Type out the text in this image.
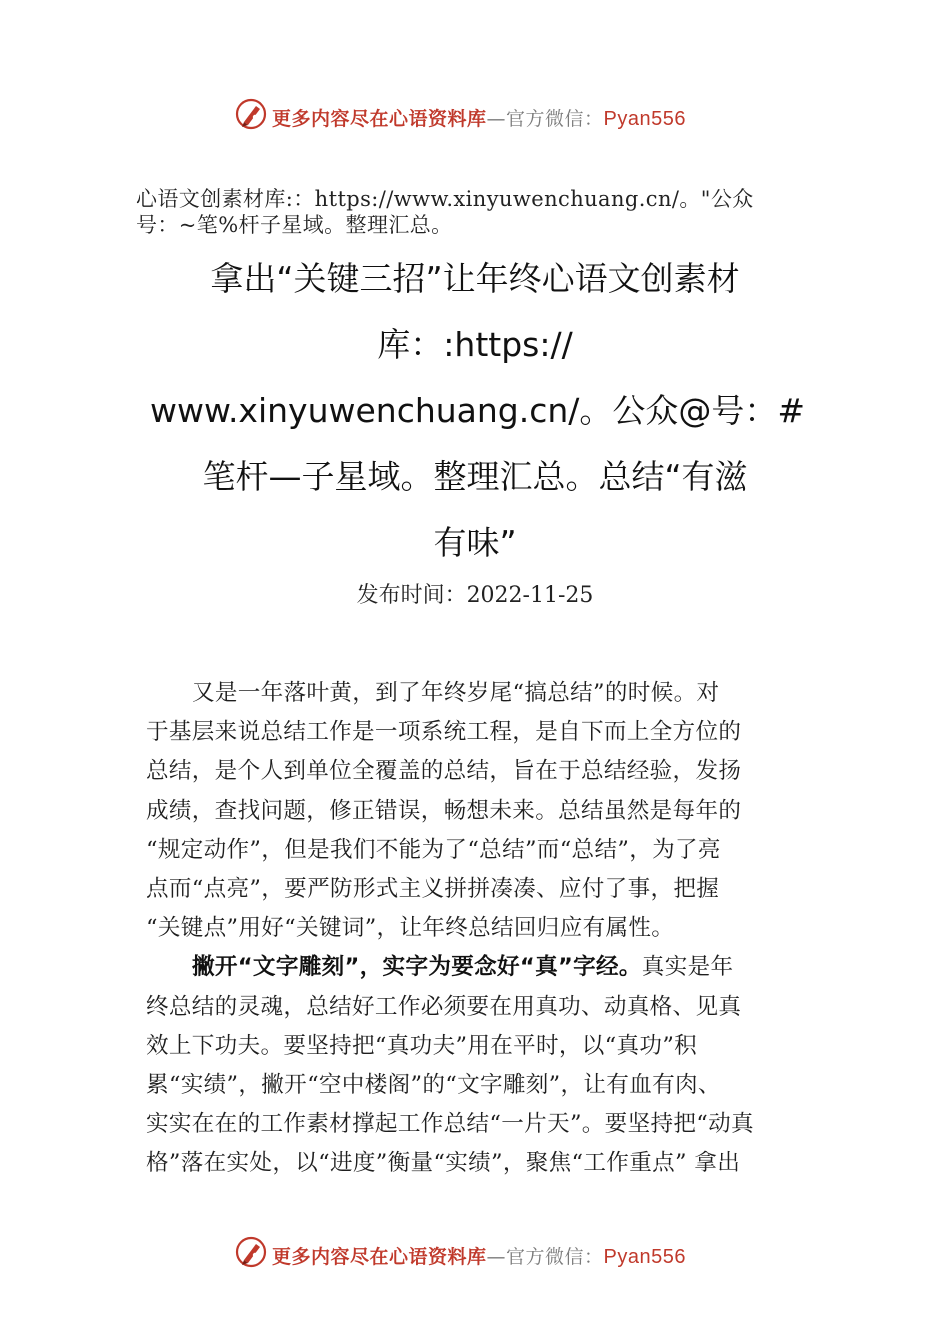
更多内容尽在心语资料库—官方微信：Pyan556
心语文创素材库:：https://www.xinyuwenchuang.cn/。"公众
号：~笔%杆子星域。整理汇总。
拿出“关键三招”让年终心语文创素材
库：:https://
www.xinyuwenchuang.cn/。公众@号：#
笔杆—子星域。整理汇总。总结“有滋
有味”
发布时间：2022-11-25
又是一年落叶黄，到了年终岁尾“搞总结”的时候。对
于基层来说总结工作是一项系统工程，是自下而上全方位的
总结，是个人到单位全覆盖的总结，旨在于总结经验，发扬
成绩，查找问题，修正错误，畅想未来。总结虽然是每年的
“规定动作”，但是我们不能为了“总结”而“总结”，为了亮
点而“点亮”，要严防形式主义拼拼凑凑、应付了事，把握
“关键点”用好“关键词”，让年终总结回归应有属性。
撇开“文字雕刻”，实字为要念好“真”字经。真实是年
终总结的灵魂，总结好工作必须要在用真功、动真格、见真
效上下功夫。要坚持把“真功夫”用在平时，以“真功”积
累“实绩”，撇开“空中楼阁”的“文字雕刻”，让有血有肉、
实实在在的工作素材撑起工作总结“一片天”。要坚持把“动真
格”落在实处，以“进度”衡量“实绩”，聚焦“工作重点” 拿出
更多内容尽在心语资料库—官方微信：Pyan556
